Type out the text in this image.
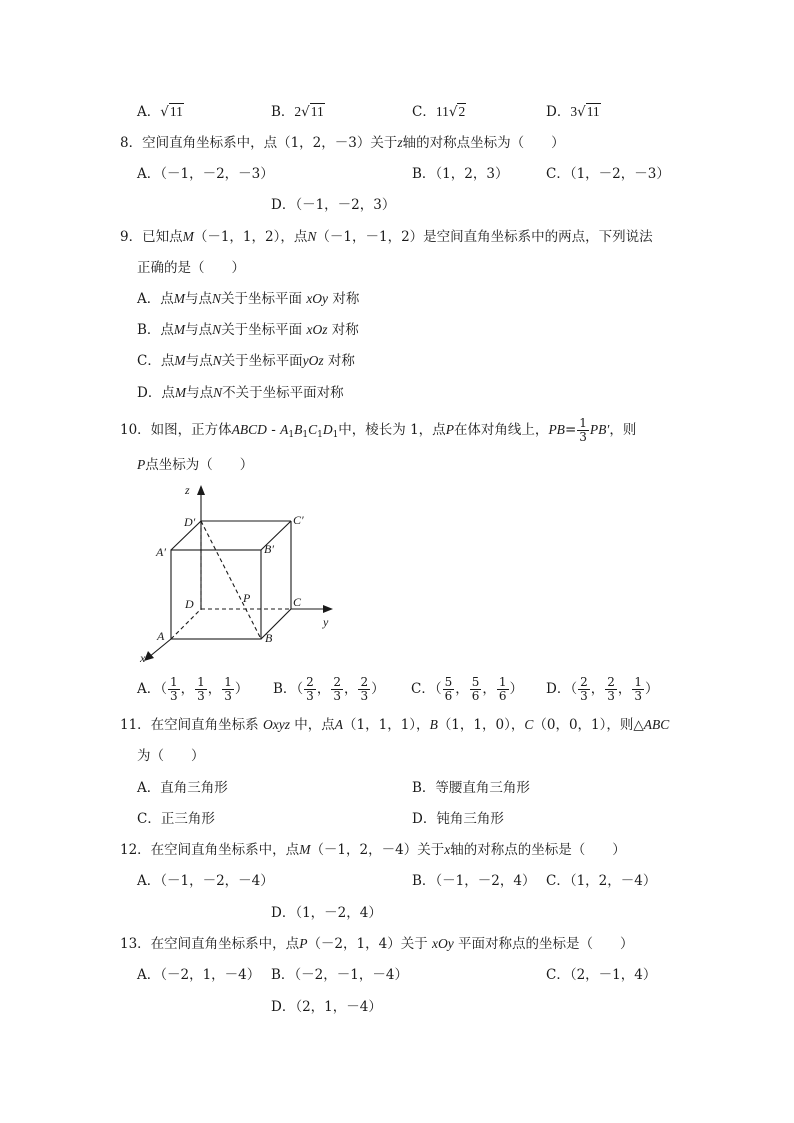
A．√11	B．2√11	C．11√2	D．3√11
8．空间直角坐标系中，点（1，2，－3）关于z轴的对称点坐标为（　　）
A．（－1，－2，－3）	B．（1，2，3）	C．（1，－2，－3）
D．（－1，－2，3）
9．已知点M（－1，1，2），点N（－1，－1，2）是空间直角坐标系中的两点，下列说法
正确的是（　　）
A．点M与点N关于坐标平面 xOy 对称
B．点M与点N关于坐标平面 xOz 对称
C．点M与点N关于坐标平面yOz 对称
D．点M与点N不关于坐标平面对称
10．如图，正方体ABCD - $A_1B_1C_1D_1$中，棱长为 1，点P在体对角线上，$PB= \frac{1}{3} PB'$，则
P点坐标为（　　）
z
y
x
D′	C′
A′	B′
D	C
A	B
P
A．（ $\frac{1}{3}$ ， $\frac{1}{3}$ ， $\frac{1}{3}$ ） B．（ $\frac{2}{3}$ ， $\frac{2}{3}$ ， $\frac{2}{3}$ ） C．（ $\frac{5}{6}$ ， $\frac{5}{6}$ ， $\frac{1}{6}$ ） D．（ $\frac{2}{3}$ ， $\frac{2}{3}$ ， $\frac{1}{3}$ ）
11．在空间直角坐标系 Oxyz 中，点A（1，1，1），B（1，1，0），C（0，0，1），则△ABC
为（　　）
A．直角三角形	B．等腰直角三角形
C．正三角形	D．钝角三角形
12．在空间直角坐标系中，点M（－1，2，－4）关于x轴的对称点的坐标是（　　）
A．（－1，－2，－4）	B．（－1，－2，4） C．（1，2，－4）
D．（1，－2，4）
13．在空间直角坐标系中，点P（－2，1，4）关于 xOy 平面对称点的坐标是（　　）
A．（－2，1，－4） B．（－2，－1，－4）	C．（2，－1，4）
D．（2，1，－4）
